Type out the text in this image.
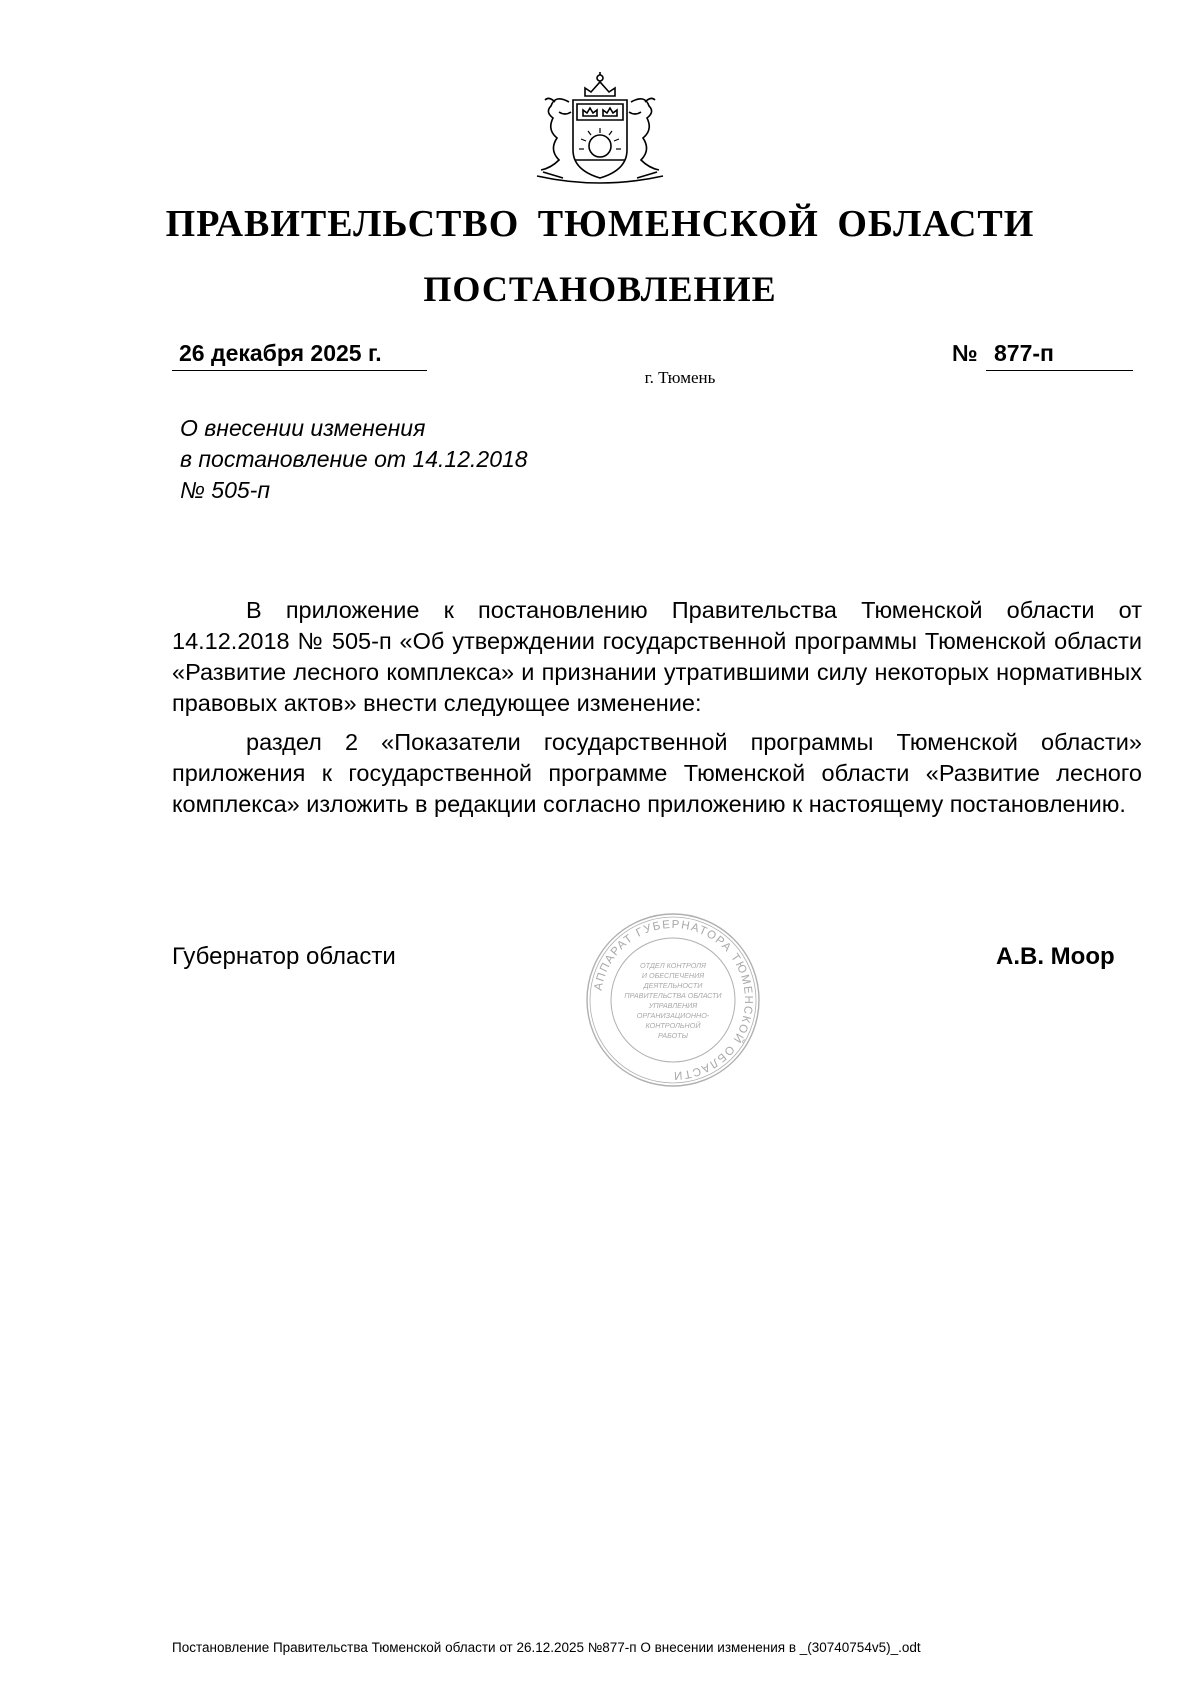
ПРАВИТЕЛЬСТВО ТЮМЕНСКОЙ ОБЛАСТИ
ПОСТАНОВЛЕНИЕ
26 декабря 2025 г.	№ 877-п
г. Тюмень
О внесении изменения
в постановление от 14.12.2018
№ 505-п

В приложение к постановлению Правительства Тюменской области от 14.12.2018 № 505-п «Об утверждении государственной программы Тюменской области «Развитие лесного комплекса» и признании утратившими силу некоторых нормативных правовых актов» внести следующее изменение:

раздел 2 «Показатели государственной программы Тюменской области» приложения к государственной программе Тюменской области «Развитие лесного комплекса» изложить в редакции согласно приложению к настоящему постановлению.

Губернатор области	А.В. Моор
АППАРАТ ГУБЕРНАТОРА ТЮМЕНСКОЙ ОБЛАСТИ
ОТДЕЛ КОНТРОЛЯ
И ОБЕСПЕЧЕНИЯ
ДЕЯТЕЛЬНОСТИ
ПРАВИТЕЛЬСТВА ОБЛАСТИ
УПРАВЛЕНИЯ
ОРГАНИЗАЦИОННО-
КОНТРОЛЬНОЙ
РАБОТЫ
Постановление Правительства Тюменской области от 26.12.2025 №877-п О внесении изменения в _(30740754v5)_.odt
